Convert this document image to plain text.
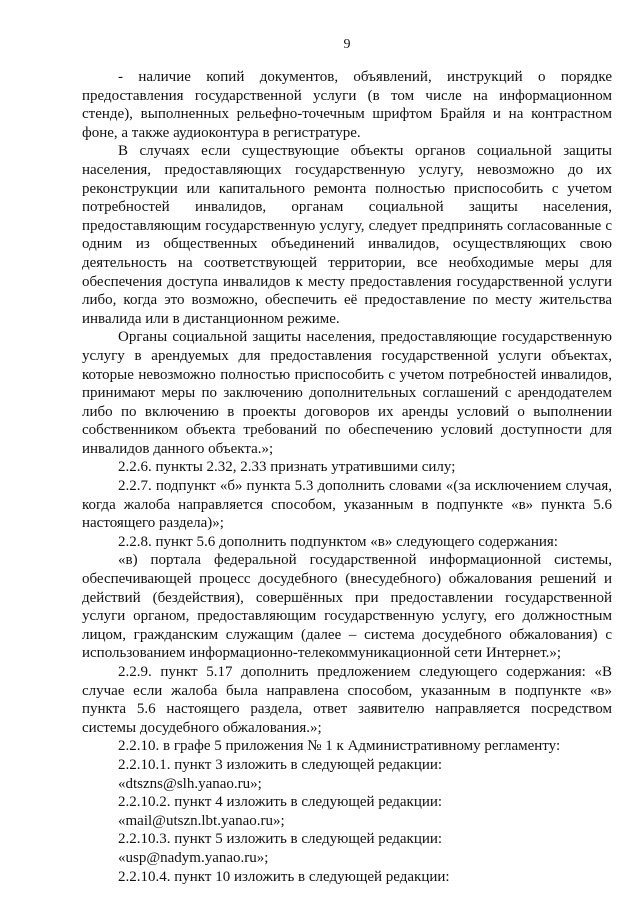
9

- наличие копий документов, объявлений, инструкций о порядке предоставления государственной услуги (в том числе на информационном стенде), выполненных рельефно-точечным шрифтом Брайля и на контрастном фоне, а также аудиоконтура в регистратуре.

В случаях если существующие объекты органов социальной защиты населения, предоставляющих государственную услугу, невозможно до их реконструкции или капитального ремонта полностью приспособить с учетом потребностей инвалидов, органам социальной защиты населения, предоставляющим государственную услугу, следует предпринять согласованные с одним из общественных объединений инвалидов, осуществляющих свою деятельность на соответствующей территории, все необходимые меры для обеспечения доступа инвалидов к месту предоставления государственной услуги либо, когда это возможно, обеспечить её предоставление по месту жительства инвалида или в дистанционном режиме.

Органы социальной защиты населения, предоставляющие государственную услугу в арендуемых для предоставления государственной услуги объектах, которые невозможно полностью приспособить с учетом потребностей инвалидов, принимают меры по заключению дополнительных соглашений с арендодателем либо по включению в проекты договоров их аренды условий о выполнении собственником объекта требований по обеспечению условий доступности для инвалидов данного объекта.»;

2.2.6. пункты 2.32, 2.33 признать утратившими силу;

2.2.7. подпункт «б» пункта 5.3 дополнить словами «(за исключением случая, когда жалоба направляется способом, указанным в подпункте «в» пункта 5.6 настоящего раздела)»;

2.2.8. пункт 5.6 дополнить подпунктом «в» следующего содержания:

«в) портала федеральной государственной информационной системы, обеспечивающей процесс досудебного (внесудебного) обжалования решений и действий (бездействия), совершённых при предоставлении государственной услуги органом, предоставляющим государственную услугу, его должностным лицом, гражданским служащим (далее – система досудебного обжалования) с использованием информационно-телекоммуникационной сети Интернет.»;

2.2.9. пункт 5.17 дополнить предложением следующего содержания: «В случае если жалоба была направлена способом, указанным в подпункте «в» пункта 5.6 настоящего раздела, ответ заявителю направляется посредством системы досудебного обжалования.»;

2.2.10. в графе 5 приложения № 1 к Административному регламенту:

2.2.10.1. пункт 3 изложить в следующей редакции:

«dtszns@slh.yanao.ru»;

2.2.10.2. пункт 4 изложить в следующей редакции:

«mail@utszn.lbt.yanao.ru»;

2.2.10.3. пункт 5 изложить в следующей редакции:

«usp@nadym.yanao.ru»;

2.2.10.4. пункт 10 изложить в следующей редакции:
